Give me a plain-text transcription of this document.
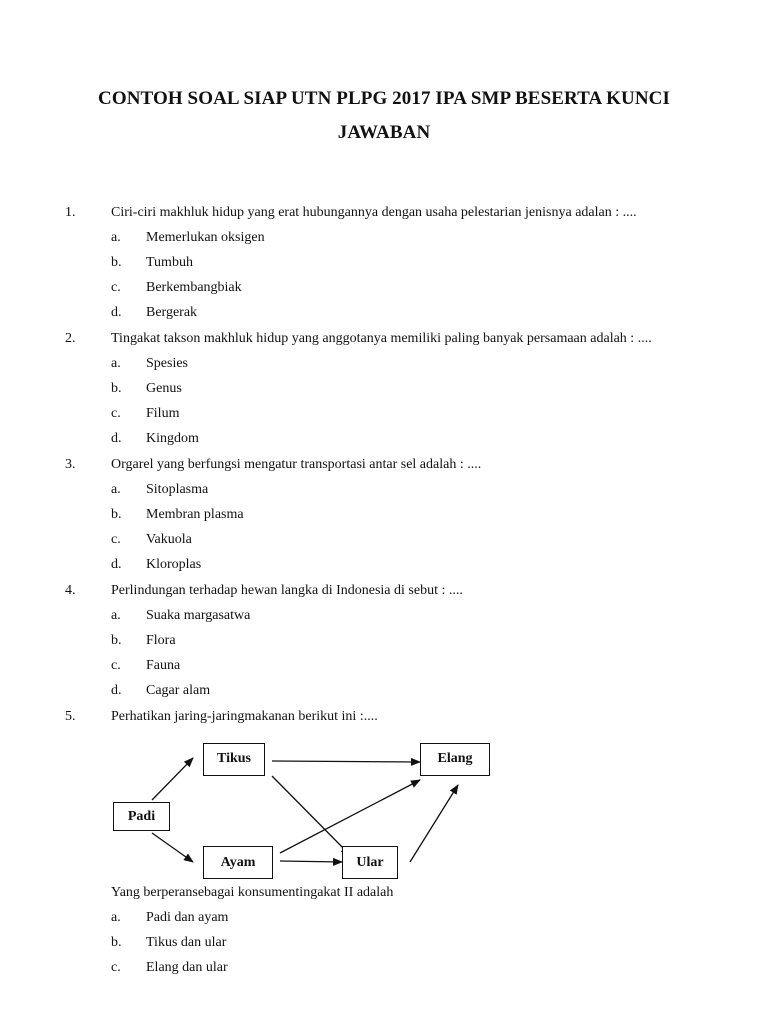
CONTOH SOAL SIAP UTN PLPG 2017 IPA SMP BESERTA KUNCI
JAWABAN
1.	Ciri-ciri makhluk hidup yang erat hubungannya dengan usaha pelestarian jenisnya adalan : ....
a. Memerlukan oksigen
b. Tumbuh
c. Berkembangbiak
d. Bergerak
2.	Tingakat takson makhluk hidup yang anggotanya memiliki paling banyak persamaan adalah : ....
a. Spesies
b. Genus
c. Filum
d. Kingdom
3.	Orgarel yang berfungsi mengatur transportasi antar sel adalah : ....
a. Sitoplasma
b. Membran plasma
c. Vakuola
d. Kloroplas
4.	Perlindungan terhadap hewan langka di Indonesia di sebut : ....
a. Suaka margasatwa
b. Flora
c. Fauna
d. Cagar alam
5.	Perhatikan jaring-jaringmakanan berikut ini :....
Padi
Tikus	Elang
Ayam	Ular
Yang berperansebagai konsumentingakat II adalah
a. Padi dan ayam
b. Tikus dan ular
c. Elang dan ular
